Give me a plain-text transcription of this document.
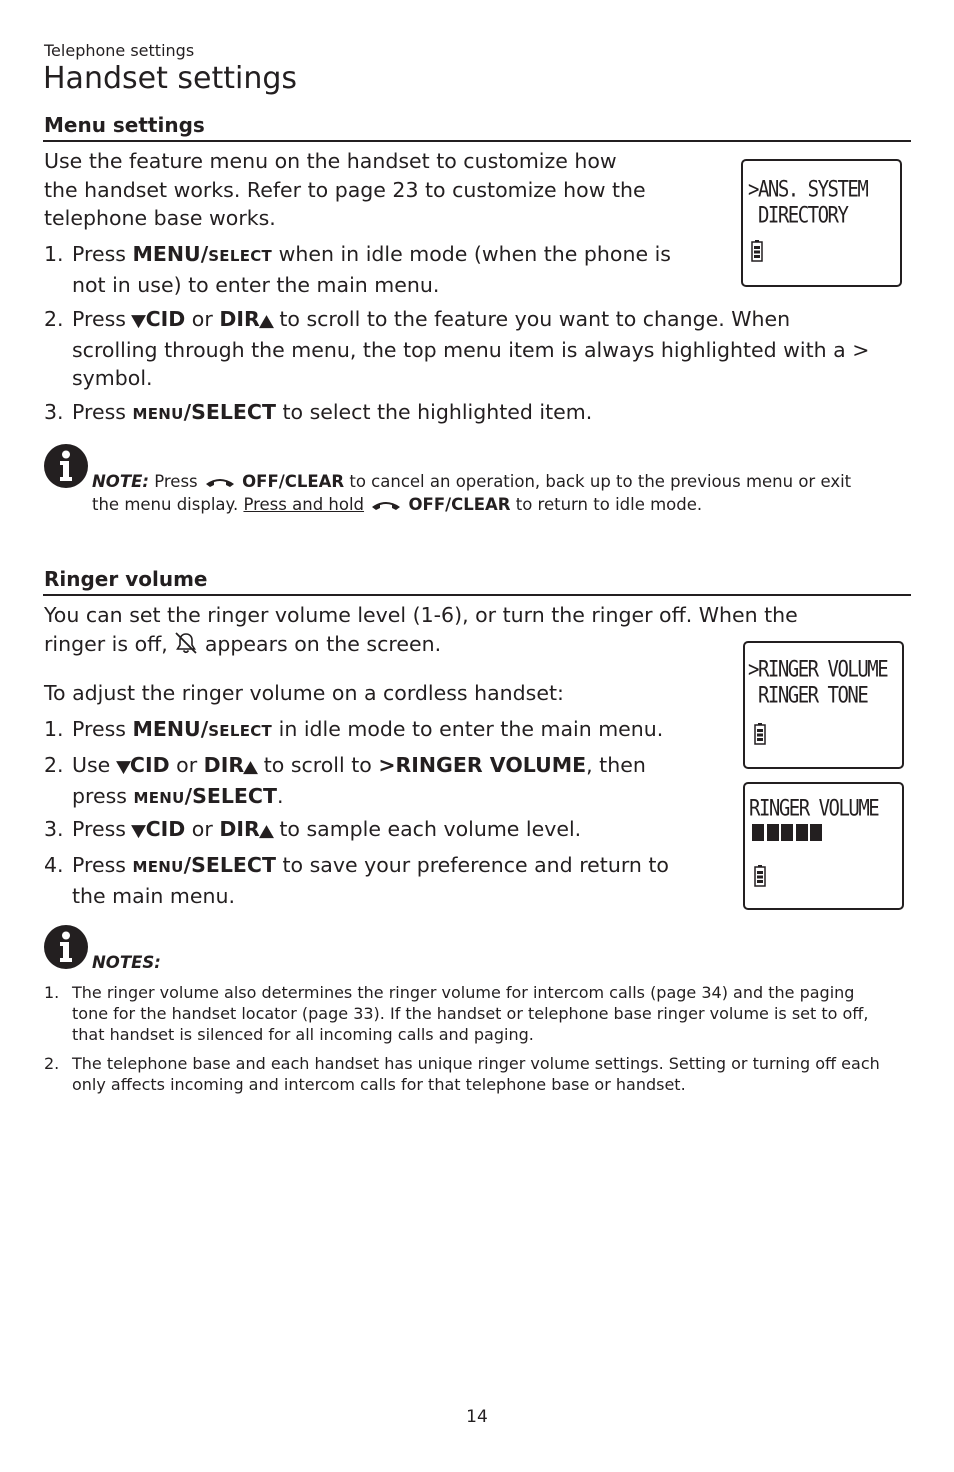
Telephone settings
Handset settings
Menu settings
Use the feature menu on the handset to customize how
the handset works. Refer to page 23 to customize how the
telephone base works.
1. Press MENU/SELECT when in idle mode (when the phone is
not in use) to enter the main menu.
2. Press ▼CID or DIR▲ to scroll to the feature you want to change. When
scrolling through the menu, the top menu item is always highlighted with a >
symbol.
3. Press MENU/SELECT to select the highlighted item.
>ANS. SYSTEM
DIRECTORY
NOTE: Press	OFF/CLEAR to cancel an operation, back up to the previous menu or exit
the menu display. Press and hold	OFF/CLEAR to return to idle mode.
Ringer volume
You can set the ringer volume level (1-6), or turn the ringer off. When the
ringer is off, appears on the screen.
To adjust the ringer volume on a cordless handset:
1. Press MENU/SELECT in idle mode to enter the main menu.
2. Use ▼CID or DIR▲ to scroll to >RINGER VOLUME, then
press MENU/SELECT.
3. Press ▼CID or DIR▲ to sample each volume level.
4. Press MENU/SELECT to save your preference and return to
the main menu.
>RINGER VOLUME
RINGER TONE
RINGER VOLUME
NOTES:
1. The ringer volume also determines the ringer volume for intercom calls (page 34) and the paging
tone for the handset locator (page 33). If the handset or telephone base ringer volume is set to off,
that handset is silenced for all incoming calls and paging.
2. The telephone base and each handset has unique ringer volume settings. Setting or turning off each
only affects incoming and intercom calls for that telephone base or handset.
14
